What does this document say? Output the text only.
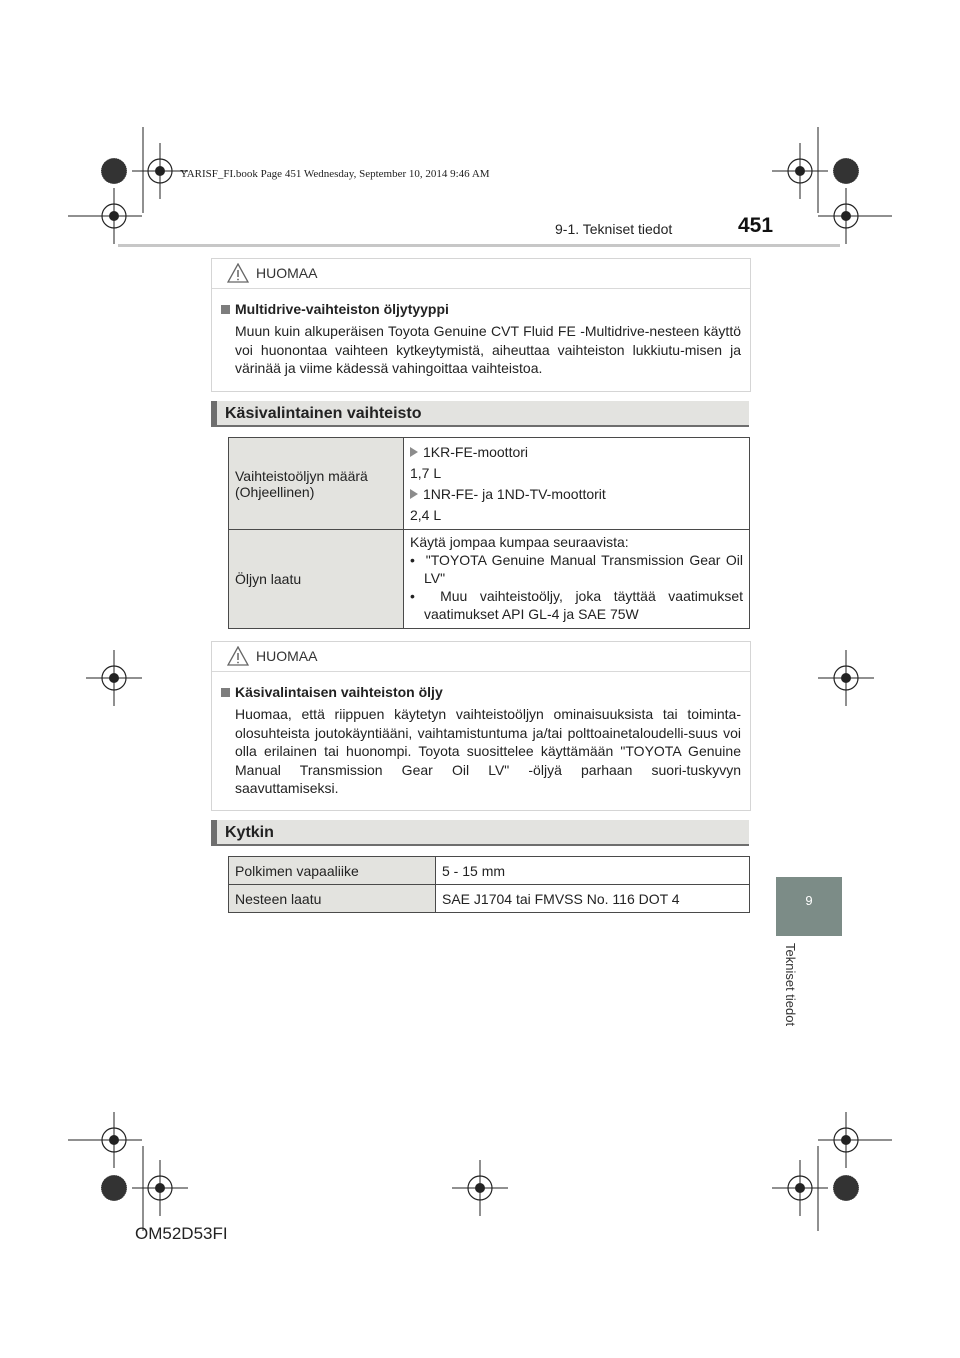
YARISF_FI.book Page 451 Wednesday, September 10, 2014 9:46 AM
9-1. Tekniset tiedot	451
9
Tekniset tiedot
HUOMAA
Multidrive-vaihteiston öljytyyppi
Muun kuin alkuperäisen Toyota Genuine CVT Fluid FE -Multidrive-nesteen käyttö voi huonontaa vaihteen kytkeytymistä, aiheuttaa vaihteiston lukkiutu-misen ja värinää ja viime kädessä vahingoittaa vaihteistoa.
Käsivalintainen vaihteisto
Vaihteistoöljyn määrä (Ohjeellinen)	1KR-FE-moottori
1,7 L
1NR-FE- ja 1ND-TV-moottorit
2,4 L

Öljyn laatu	Käytä jompaa kumpaa seuraavista:
•  "TOYOTA Genuine Manual Transmission Gear Oil LV"
•  Muu vaihteistoöljy, joka täyttää vaatimukset vaatimukset API GL-4 ja SAE 75W
HUOMAA
Käsivalintaisen vaihteiston öljy
Huomaa, että riippuen käytetyn vaihteistoöljyn ominaisuuksista tai toiminta-olosuhteista joutokäyntiääni, vaihtamistuntuma ja/tai polttoainetaloudelli-suus voi olla erilainen tai huonompi. Toyota suosittelee käyttämään "TOYOTA Genuine Manual Transmission Gear Oil LV" -öljyä parhaan suori-tuskyvyn saavuttamiseksi.
Kytkin
Polkimen vapaaliike	5 - 15 mm
Nesteen laatu	SAE J1704 tai FMVSS No. 116 DOT 4
OM52D53FI
